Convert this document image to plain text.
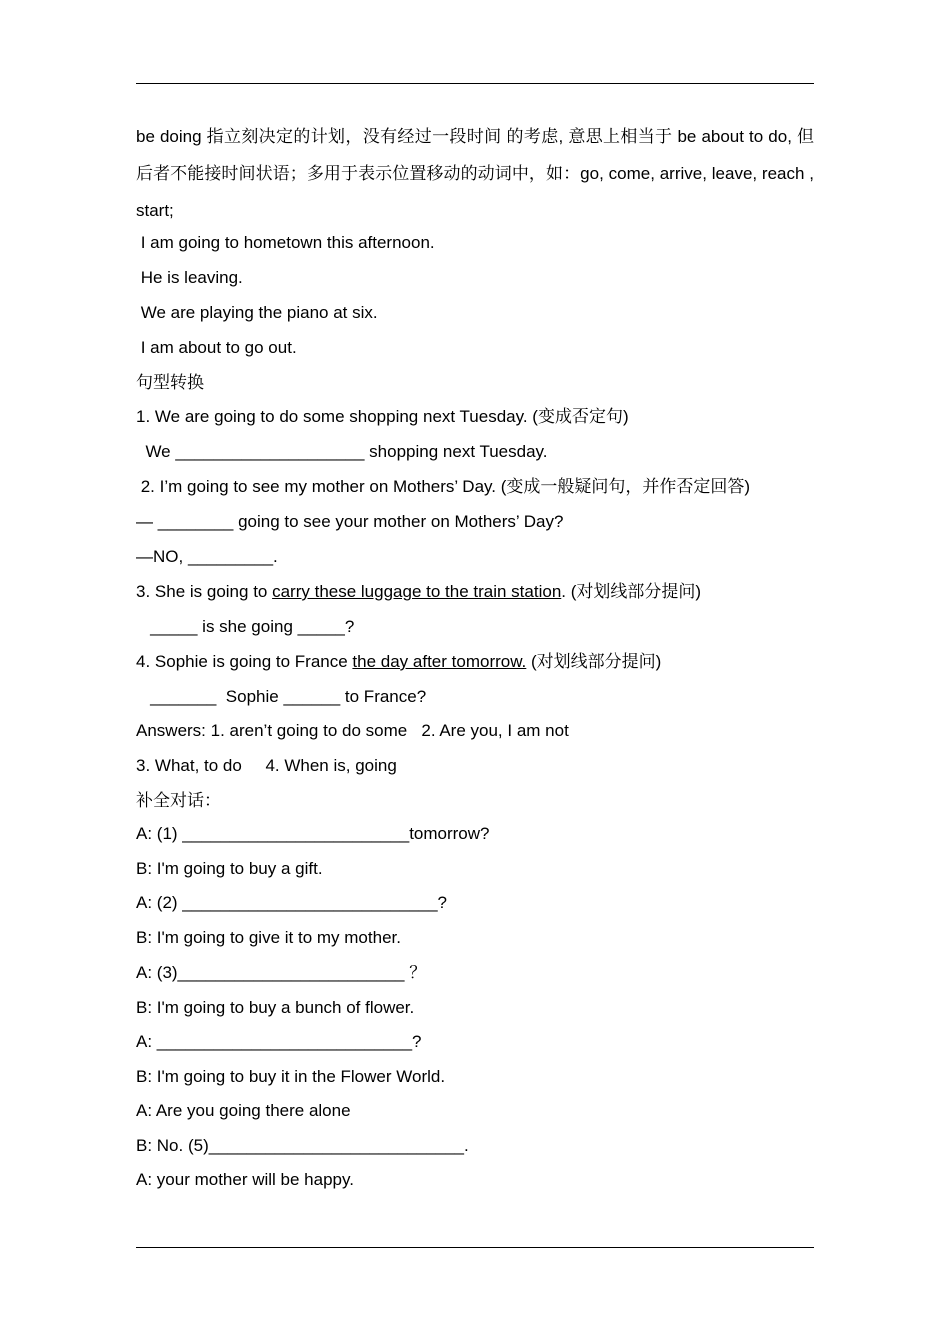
be doing 指立刻决定的计划，没有经过一段时间 的考虑, 意思上相当于 be about to do, 但后者不能接时间状语；多用于表示位置移动的动词中，如：go, come, arrive, leave, reach , start;

I am going to hometown this afternoon.
He is leaving.
We are playing the piano at six.
I am about to go out.
句型转换
1. We are going to do some shopping next Tuesday. (变成否定句)
We ____________________ shopping next Tuesday.
2. I’m going to see my mother on Mothers’ Day. (变成一般疑问句，并作否定回答)
— ________ going to see your mother on Mothers’ Day?
—NO, _________.
3. She is going to carry these luggage to the train station. (对划线部分提问)
_____ is she going _____?
4. Sophie is going to France the day after tomorrow. (对划线部分提问)
_______  Sophie ______ to France?
Answers: 1. aren’t going to do some   2. Are you, I am not
3. What, to do     4. When is, going
补全对话：
A: (1) ________________________tomorrow?
B: I'm going to buy a gift.
A: (2) ___________________________?
B: I'm going to give it to my mother.
A: (3)________________________ ？
B: I'm going to buy a bunch of flower.
A: ___________________________?
B: I'm going to buy it in the Flower World.
A: Are you going there alone
B: No. (5)___________________________.
A: your mother will be happy.
